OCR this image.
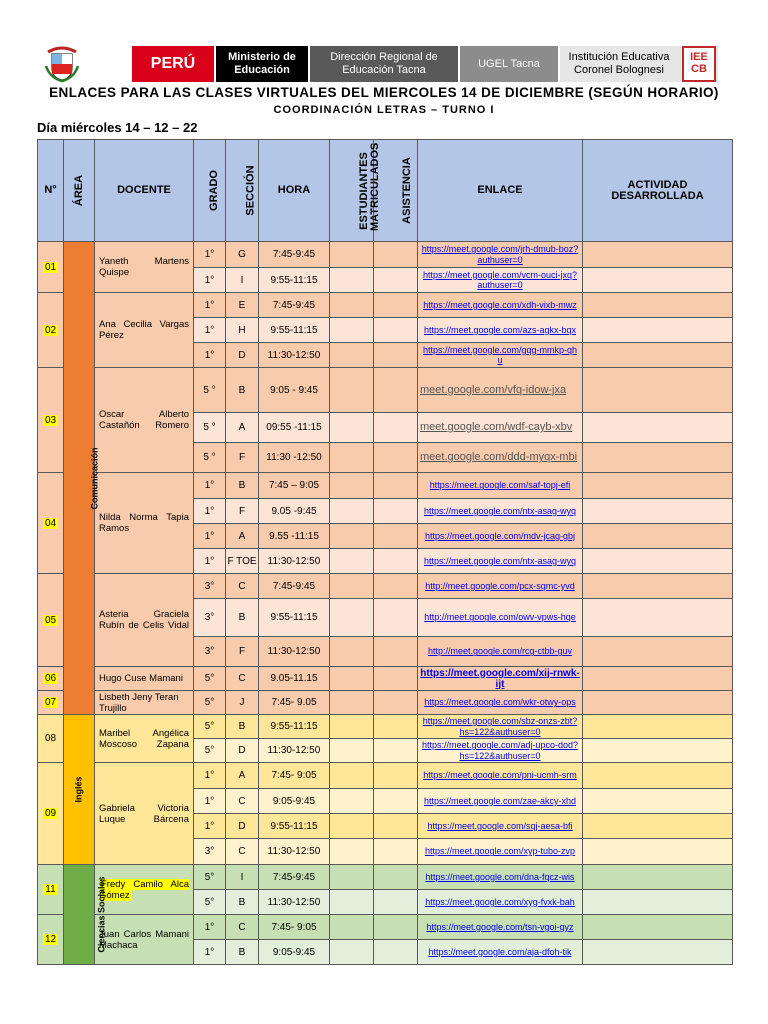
PERÚ	Ministerio de Educación
Dirección Regional de Educación Tacna
UGEL Tacna
Institución Educativa Coronel Bolognesi
IEE CB
ENLACES PARA LAS CLASES VIRTUALES DEL MIERCOLES 14 DE DICIEMBRE (SEGÚN HORARIO)
COORDINACIÓN LETRAS – TURNO I
Día miércoles 14 – 12 – 22
N°	ÁREA	DOCENTE	GRADO	SECCIÓN	HORA	ESTUDIANTES MATRICULADOS	ASISTENCIA	ENLACE	ACTIVIDAD DESARROLLADA
01	Comunicación	Yaneth Martens Quispe	1°	G	7:45-9:45			https://meet.google.com/jrh-dmub-boz?authuser=0	

			1°	I	9:55-11:15			https://meet.google.com/vcm-ouci-jxq?authuser=0	

02		Ana Cecilia Vargas Pérez	1°	E	7:45-9:45			https://meet.google.com/xdh-vixb-mwz	

			1°	H	9:55-11:15			https://meet.google.com/azs-agkx-bqx	

			1°	D	11:30-12:50			https://meet.google.com/gqg-mmkp-qhu	

03		Oscar Alberto Castañón Romero	5 °	B	9:05 - 9:45			meet.google.com/vfq-idow-jxa	

			5 °	A	09:55 -11:15			meet.google.com/wdf-cayb-xbv	

			5 °	F	11:30 -12:50			meet.google.com/ddd-myqx-mbi	

04		Nilda Norma Tapia Ramos	1°	B	7:45 – 9:05			https://meet.google.com/saf-topj-efi	

			1°	F	9.05 -9:45			https://meet.google.com/ntx-asag-wyq	

			1°	A	9.55 -11:15			https://meet.google.com/mdv-jcag-gbj	

			1°	F TOE	11:30-12:50			https://meet.google.com/ntx-asag-wyq	

05		Asteria Graciela Rubín de Celis Vidal	3°	C	7:45-9:45			http://meet.google.com/pcx-sqmc-yvd	

			3°	B	9:55-11:15			http://meet.google.com/owv-vpws-hqe	

			3°	F	11:30-12:50			http://meet.google.com/rcg-ctbb-guv	

06		Hugo Cuse Mamani	5°	C	9.05-11.15			https://meet.google.com/xij-rnwk-ijt	

07		Lisbeth Jeny Teran Trujillo	5°	J	7:45- 9.05			https://meet.google.com/wkr-otwy-ops	

08	Inglés	Maribel Angélica Moscoso Zapana	5°	B	9:55-11:15			https://meet.google.com/sbz-onzs-zbt?hs=122&authuser=0	

			5°	D	11:30-12:50			https://meet.google.com/adj-upco-dod?hs=122&authuser=0	

09		Gabriela Victoria Luque Bárcena	1°	A	7:45- 9:05			https://meet.google.com/pni-ucmh-srm	

			1°	C	9:05-9:45			https://meet.google.com/zae-akcy-xhd	

			1°	D	9:55-11:15			https://meet.google.com/sqj-aesa-bfi	

			3°	C	11:30-12:50			https://meet.google.com/xyp-tubo-zvp	

11	Ciencias Sociales	Fredy Camilo Alca Gómez	5°	I	7:45-9:45			https://meet.google.com/dna-fqcz-wis	

			5°	B	11:30-12:50			https://meet.google.com/xyg-fvxk-bah	

12		Juan Carlos Mamani Machaca	1°	C	7:45- 9:05			https://meet.google.com/tsn-vgoi-gyz	

			1°	B	9:05-9:45			https://meet.google.com/aja-dfoh-tik	
